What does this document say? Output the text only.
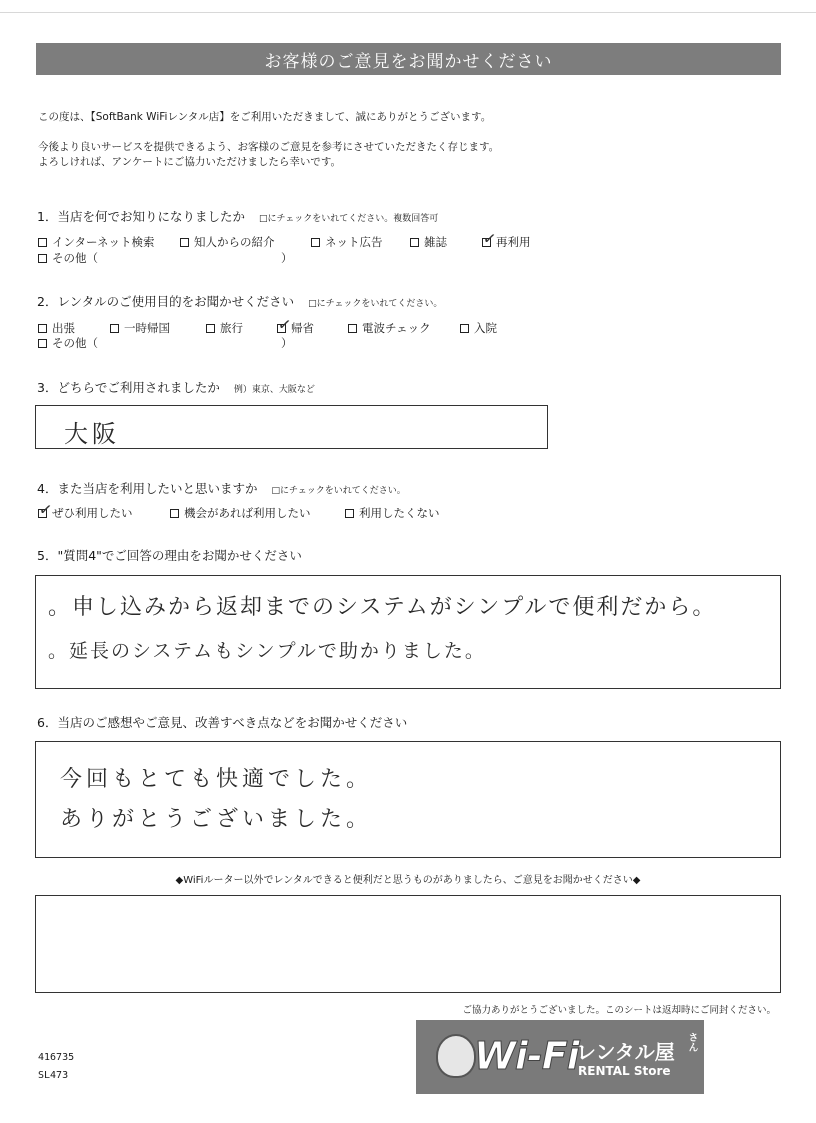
お客様のご意見をお聞かせください
この度は、【SoftBank WiFiレンタル店】をご利用いただきまして、誠にありがとうございます。
今後より良いサービスを提供できるよう、お客様のご意見を参考にさせていただきたく存じます。
よろしければ、アンケートにご協力いただけましたら幸いです。
1．当店を何でお知りになりましたか □にチェックをいれてください。複数回答可
インターネット検索	知人からの紹介	ネット広告	雑誌 ✓
再利用
その他（	）
2．レンタルのご使用目的をお聞かせください □にチェックをいれてください。
出張	一時帰国	旅行 ✓
帰省	電波チェック	入院
その他（	）
3．どちらでご利用されましたか 例）東京、大阪など
大阪
4．また当店を利用したいと思いますか □にチェックをいれてください。
✓
ぜひ利用したい	機会があれば利用したい	利用したくない
5．"質問4"でご回答の理由をお聞かせください
。申し込みから返却までのシステムがシンプルで便利だから。
。延長のシステムもシンプルで助かりました。
6．当店のご感想やご意見、改善すべき点などをお聞かせください
今回もとても快適でした。
ありがとうございました。
◆WiFiルーター以外でレンタルできると便利だと思うものがありましたら、ご意見をお聞かせください◆
ご協力ありがとうございました。このシートは返却時にご同封ください。
416735
SL473	Wi-Fi
レンタル屋 さん
RENTAL Store
